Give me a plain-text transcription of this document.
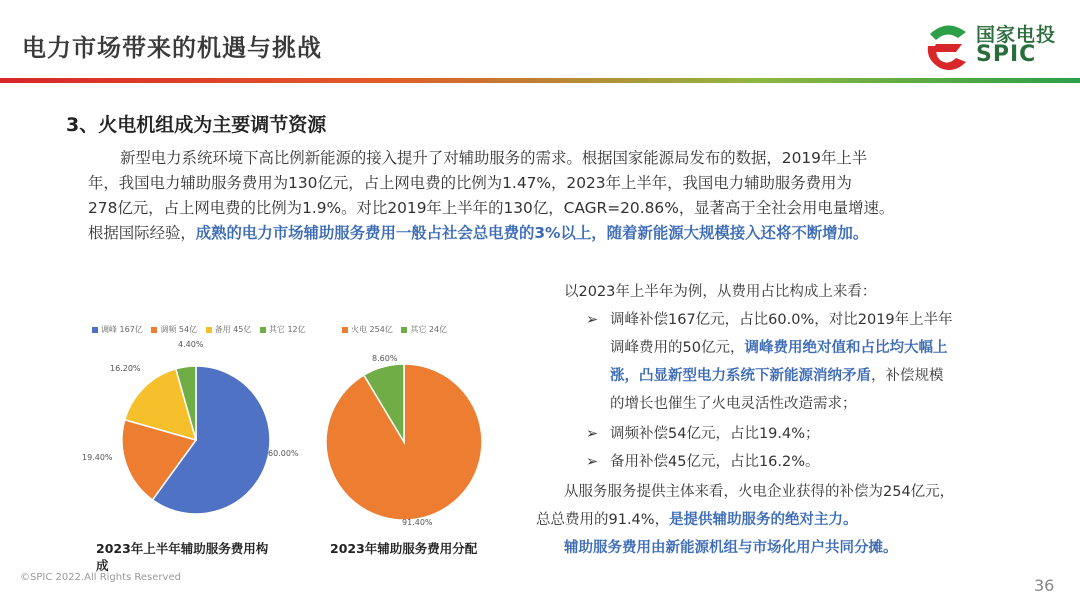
电力市场带来的机遇与挑战	国家电投
SPIC
3、火电机组成为主要调节资源

新型电力系统环境下高比例新能源的接入提升了对辅助服务的需求。根据国家能源局发布的数据，2019年上半

年，我国电力辅助服务费用为130亿元，占上网电费的比例为1.47%，2023年上半年，我国电力辅助服务费用为

278亿元，占上网电费的比例为1.9%。对比2019年上半年的130亿，CAGR=20.86%，显著高于全社会用电量增速。

根据国际经验，成熟的电力市场辅助服务费用一般占社会总电费的3%以上，随着新能源大规模接入还将不断增加。

调峰 167亿 调频 54亿 备用 45亿 其它 12亿
4.40%
16.20%
19.40%	60.00%
火电 254亿 其它 24亿
8.60%
91.40%
2023年上半年辅助服务费用构成
2023年辅助服务费用分配
以2023年上半年为例，从费用占比构成上来看：
➢ 调峰补偿167亿元，占比60.0%，对比2019年上半年
调峰费用的50亿元，调峰费用绝对值和占比均大幅上
涨，凸显新型电力系统下新能源消纳矛盾，补偿规模
的增长也催生了火电灵活性改造需求；
➢ 调频补偿54亿元，占比19.4%；
➢ 备用补偿45亿元，占比16.2%。
从服务服务提供主体来看，火电企业获得的补偿为254亿元，
总总费用的91.4%，是提供辅助服务的绝对主力。
辅助服务费用由新能源机组与市场化用户共同分摊。
©SPIC 2022.All Rights Reserved	36
